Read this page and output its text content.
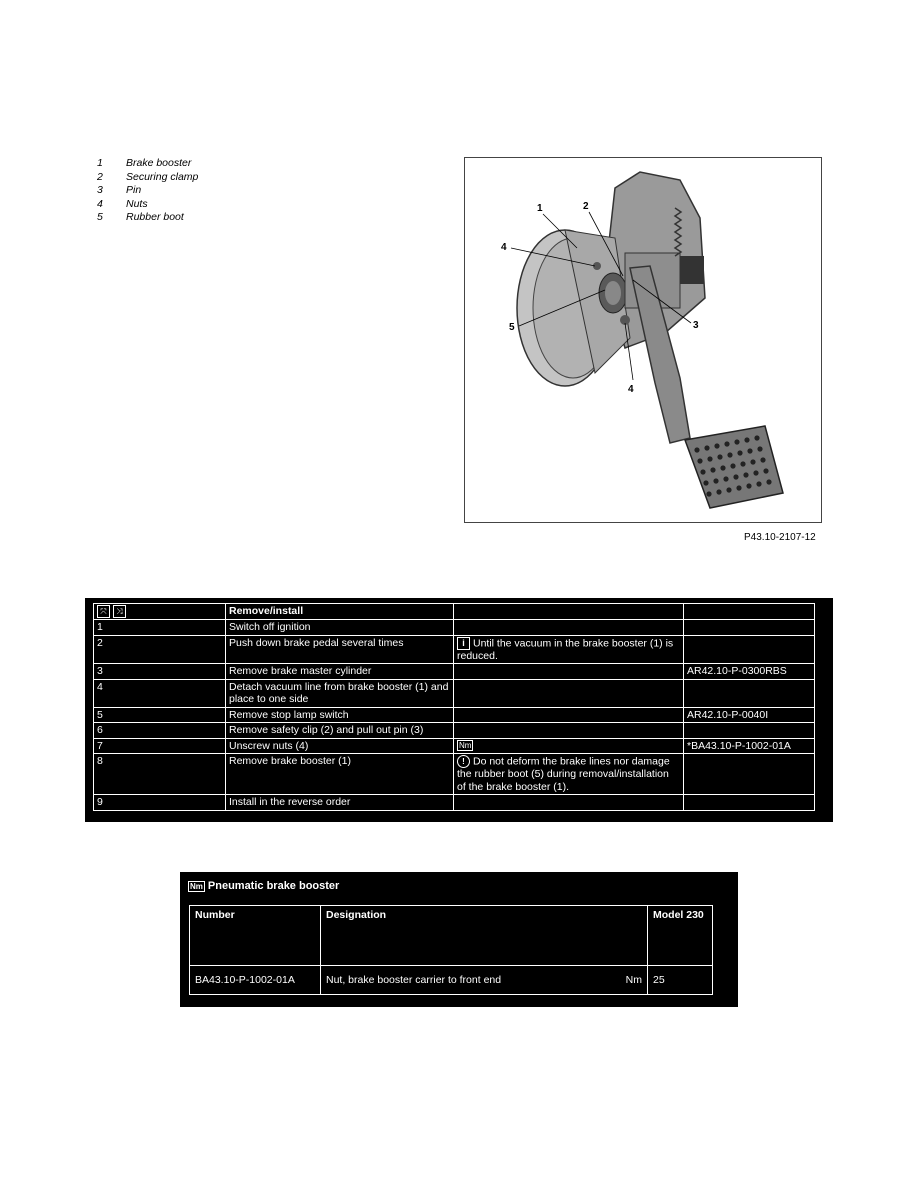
1	Brake booster
2	Securing clamp
3	Pin
4	Nuts
5	Rubber boot
1	2
4
5	3
4
P43.10-2107-12
⤧ ⤨	Remove/install		
1	Switch off ignition		
2	Push down brake pedal several times	i Until the vacuum in the brake booster (1) is reduced.	
3	Remove brake master cylinder		AR42.10-P-0300RBS
4	Detach vacuum line from brake booster (1) and place to one side		
5	Remove stop lamp switch		AR42.10-P-0040I
6	Remove safety clip (2) and pull out pin (3)		
7	Unscrew nuts (4)	Nm	*BA43.10-P-1002-01A
8	Remove brake booster (1)	! Do not deform the brake lines nor damage the rubber boot (5) during removal/installation of the brake booster (1).	
9	Install in the reverse order		
Nm Pneumatic brake booster
Number	Designation	Model 230
BA43.10-P-1002-01A	Nut, brake booster carrier to front end Nm	25
